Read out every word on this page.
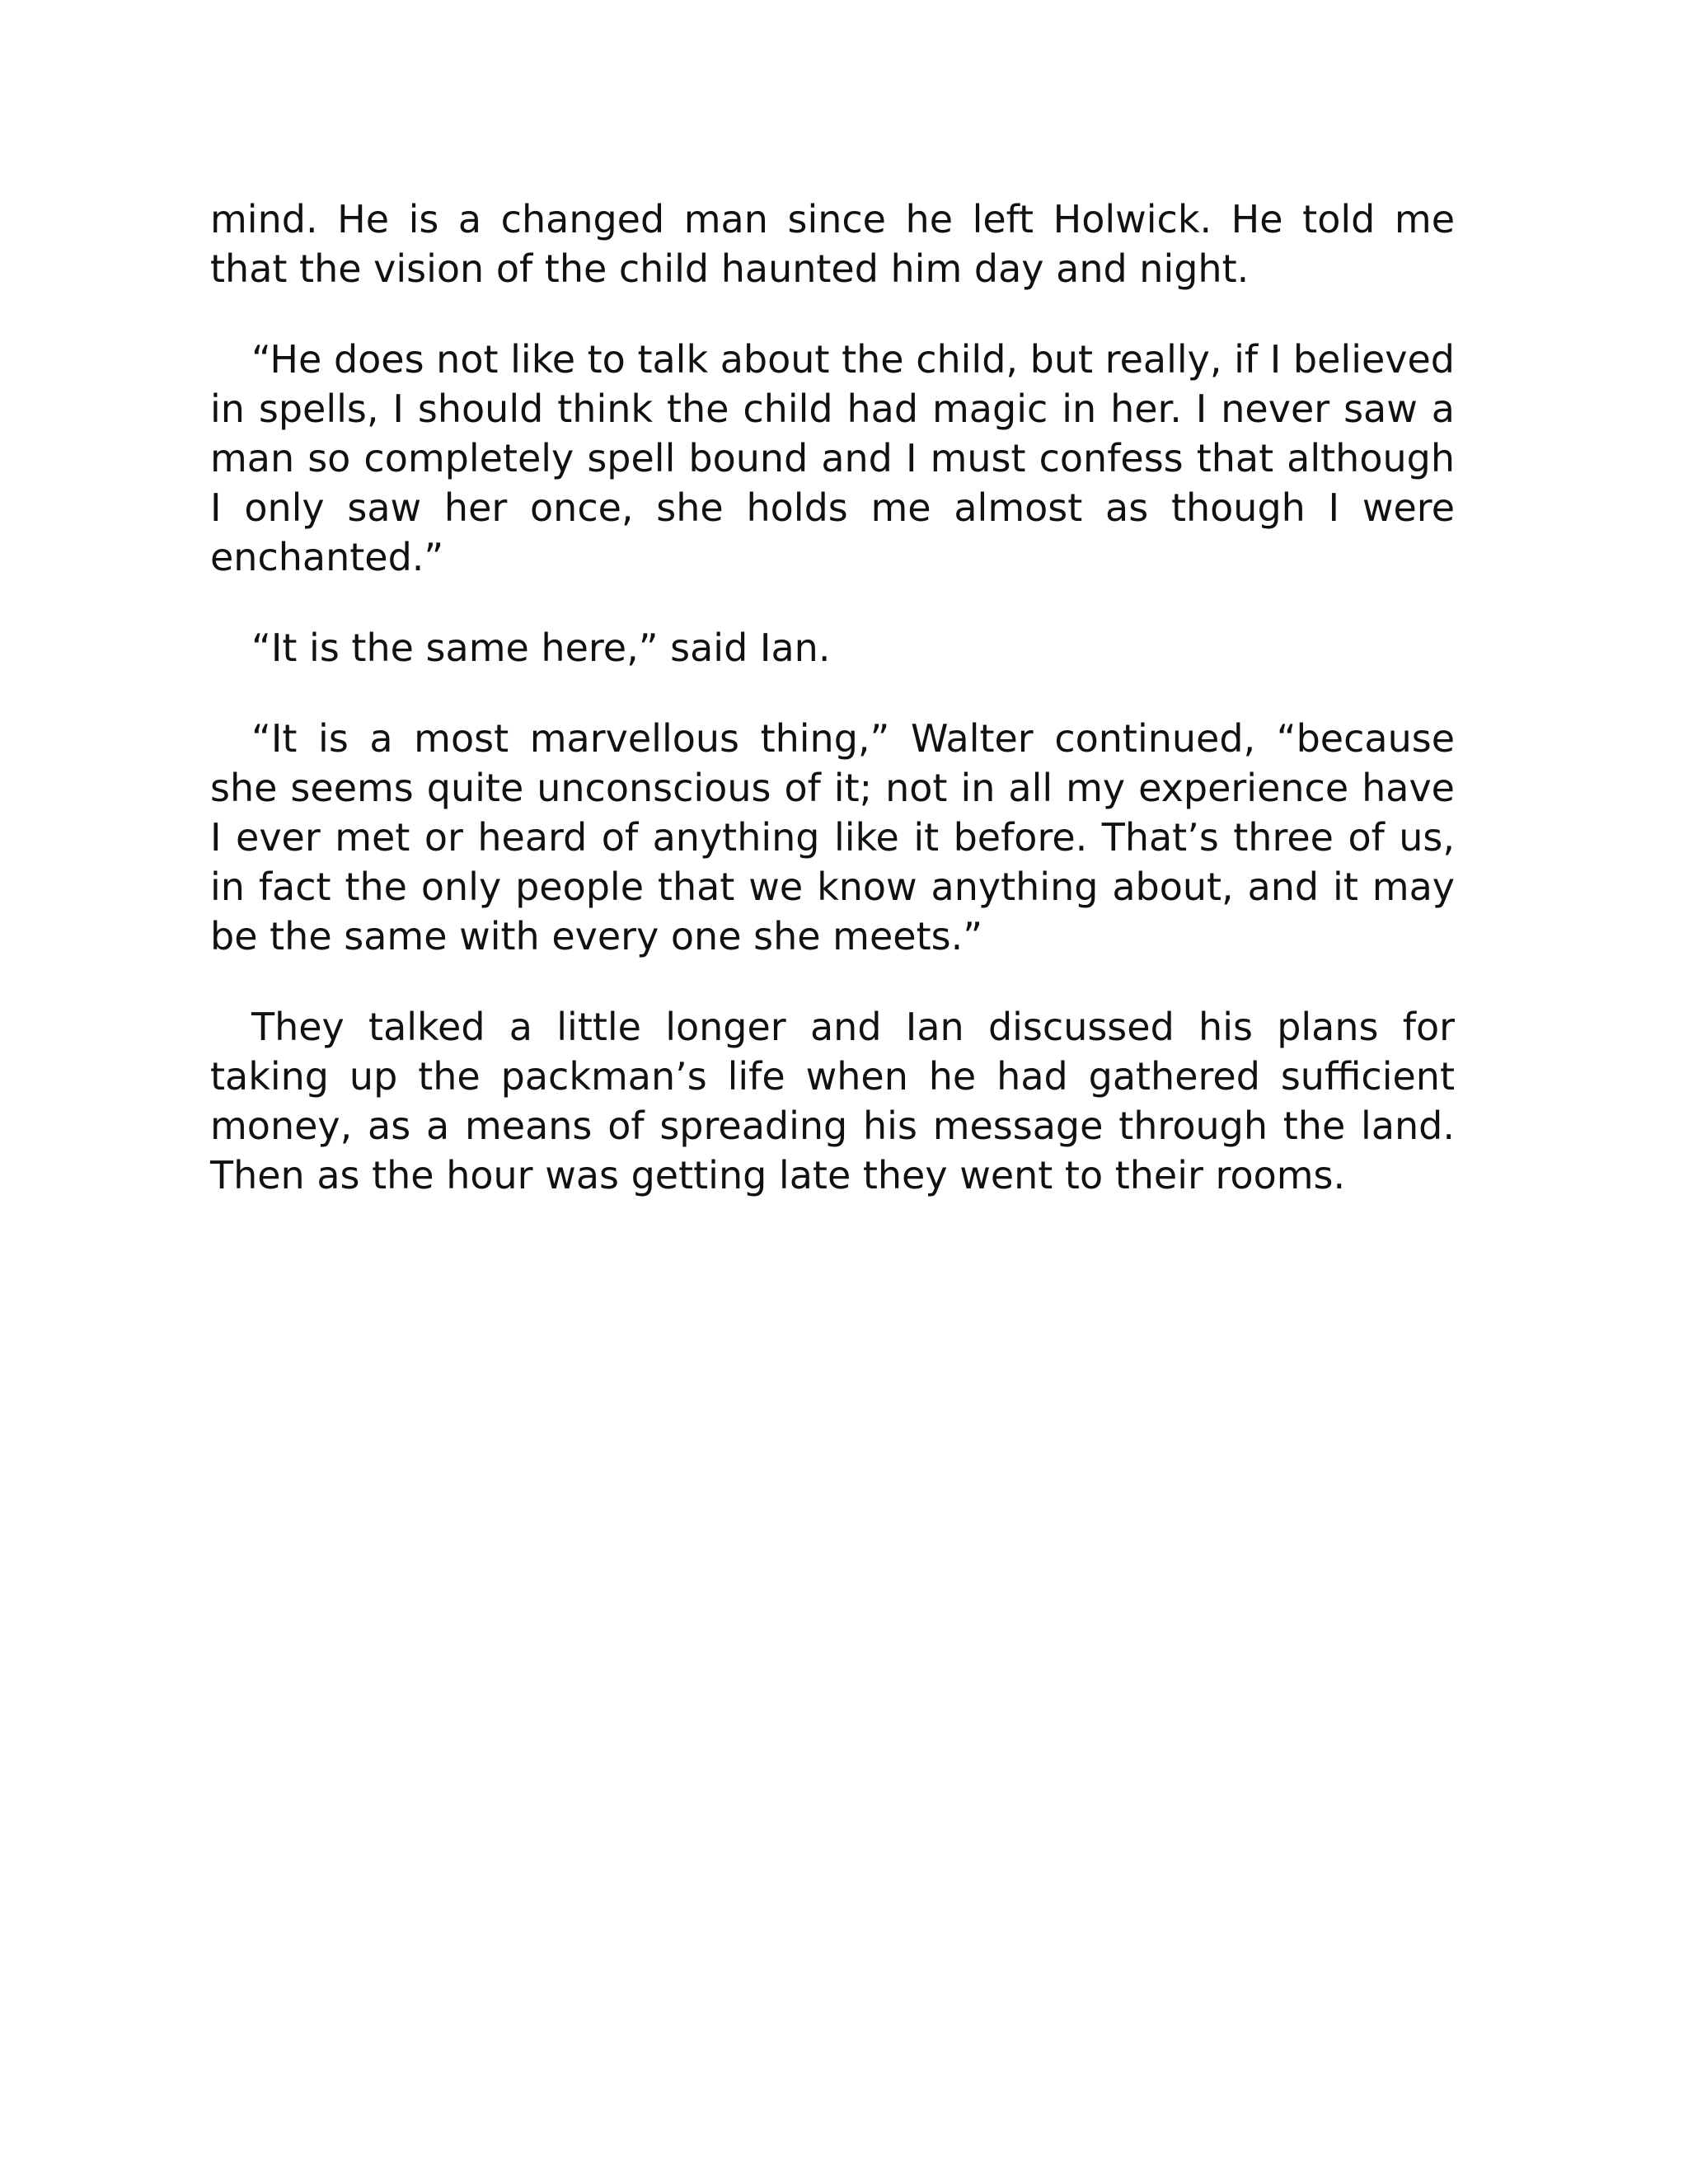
mind. He is a changed man since he left Holwick. He told me that the vision of the child haunted him day and night.

“He does not like to talk about the child, but really, if I believed in spells, I should think the child had magic in her. I never saw a man so completely spell bound and I must confess that although I only saw her once, she holds me almost as though I were enchanted.”

“It is the same here,” said Ian.

“It is a most marvellous thing,” Walter continued, “because she seems quite unconscious of it; not in all my experience have I ever met or heard of anything like it before. That’s three of us, in fact the only people that we know anything about, and it may be the same with every one she meets.”

They talked a little longer and Ian discussed his plans for taking up the packman’s life when he had gathered sufficient money, as a means of spreading his message through the land. Then as the hour was getting late they went to their rooms.
